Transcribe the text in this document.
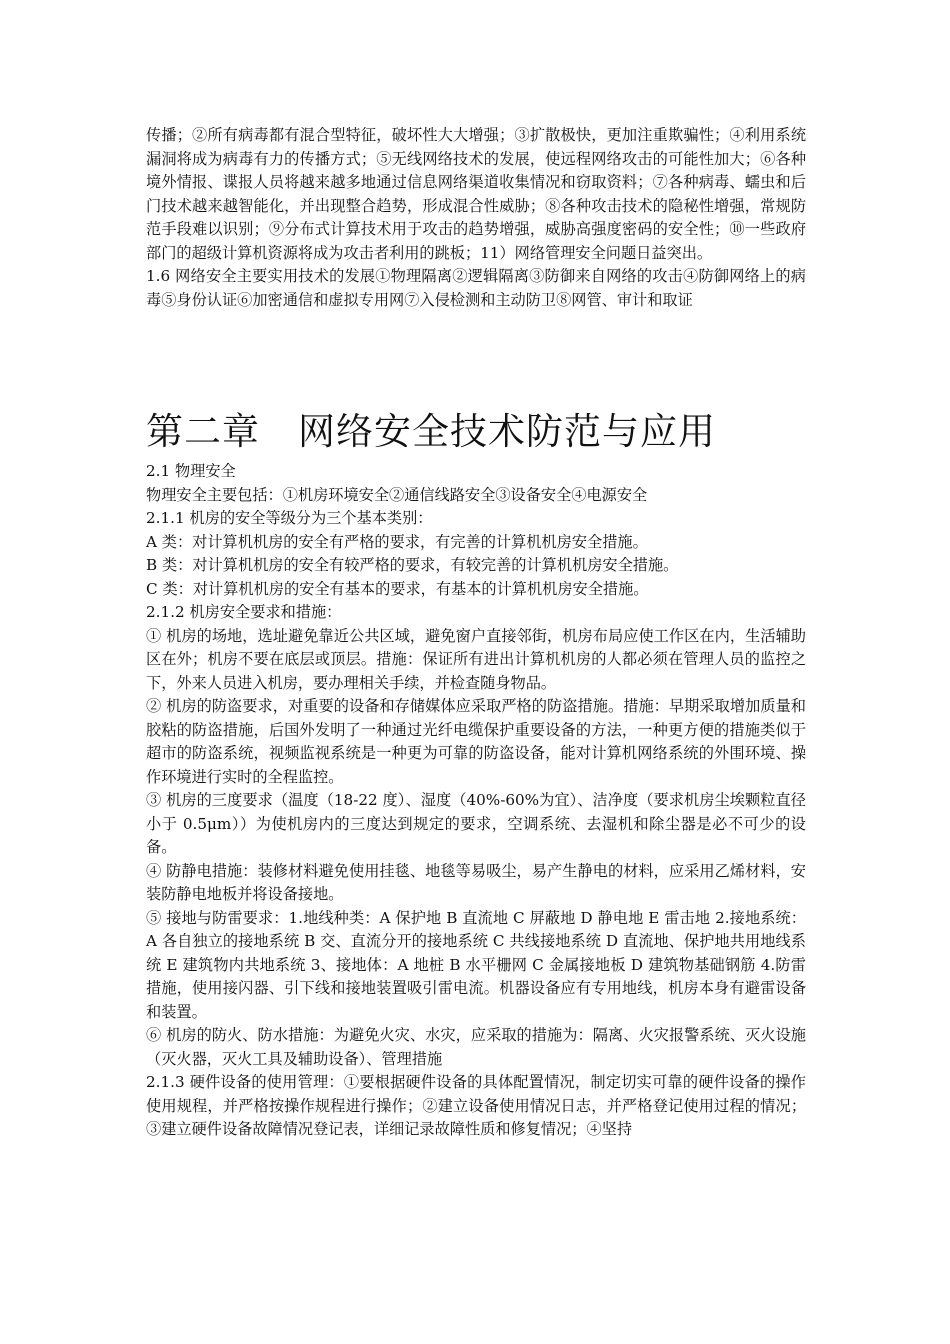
传播；②所有病毒都有混合型特征，破坏性大大增强；③扩散极快，更加注重欺骗性；④利用系统漏洞将成为病毒有力的传播方式；⑤无线网络技术的发展，使远程网络攻击的可能性加大；⑥各种境外情报、谍报人员将越来越多地通过信息网络渠道收集情况和窃取资料；⑦各种病毒、蠕虫和后门技术越来越智能化，并出现整合趋势，形成混合性威胁；⑧各种攻击技术的隐秘性增强，常规防范手段难以识别；⑨分布式计算技术用于攻击的趋势增强，威胁高强度密码的安全性；⑩一些政府部门的超级计算机资源将成为攻击者利用的跳板；11）网络管理安全问题日益突出。

1.6 网络安全主要实用技术的发展①物理隔离②逻辑隔离③防御来自网络的攻击④防御网络上的病毒⑤身份认证⑥加密通信和虚拟专用网⑦入侵检测和主动防卫⑧网管、审计和取证

第二章　网络安全技术防范与应用

2.1 物理安全

物理安全主要包括：①机房环境安全②通信线路安全③设备安全④电源安全

2.1.1 机房的安全等级分为三个基本类别：

A 类：对计算机机房的安全有严格的要求，有完善的计算机机房安全措施。

B 类：对计算机机房的安全有较严格的要求，有较完善的计算机机房安全措施。

C 类：对计算机机房的安全有基本的要求，有基本的计算机机房安全措施。

2.1.2 机房安全要求和措施：

① 机房的场地，选址避免靠近公共区域，避免窗户直接邻街，机房布局应使工作区在内，生活辅助区在外；机房不要在底层或顶层。措施：保证所有进出计算机机房的人都必须在管理人员的监控之下，外来人员进入机房，要办理相关手续，并检查随身物品。

② 机房的防盗要求，对重要的设备和存储媒体应采取严格的防盗措施。措施：早期采取增加质量和胶粘的防盗措施，后国外发明了一种通过光纤电缆保护重要设备的方法，一种更方便的措施类似于超市的防盗系统，视频监视系统是一种更为可靠的防盗设备，能对计算机网络系统的外围环境、操作环境进行实时的全程监控。

③ 机房的三度要求（温度（18-22 度）、湿度（40%-60%为宜）、洁净度（要求机房尘埃颗粒直径小于 0.5μm））为使机房内的三度达到规定的要求，空调系统、去湿机和除尘器是必不可少的设备。

④ 防静电措施：装修材料避免使用挂毯、地毯等易吸尘，易产生静电的材料，应采用乙烯材料，安装防静电地板并将设备接地。

⑤ 接地与防雷要求：1.地线种类：A 保护地 B 直流地 C 屏蔽地 D 静电地 E 雷击地 2.接地系统：A 各自独立的接地系统 B 交、直流分开的接地系统 C 共线接地系统 D 直流地、保护地共用地线系统 E 建筑物内共地系统 3、接地体：A 地桩 B 水平栅网 C 金属接地板 D 建筑物基础钢筋 4.防雷措施，使用接闪器、引下线和接地装置吸引雷电流。机器设备应有专用地线，机房本身有避雷设备和装置。

⑥ 机房的防火、防水措施：为避免火灾、水灾，应采取的措施为：隔离、火灾报警系统、灭火设施（灭火器，灭火工具及辅助设备）、管理措施

2.1.3 硬件设备的使用管理：①要根据硬件设备的具体配置情况，制定切实可靠的硬件设备的操作使用规程，并严格按操作规程进行操作；②建立设备使用情况日志，并严格登记使用过程的情况；③建立硬件设备故障情况登记表，详细记录故障性质和修复情况；④坚持
